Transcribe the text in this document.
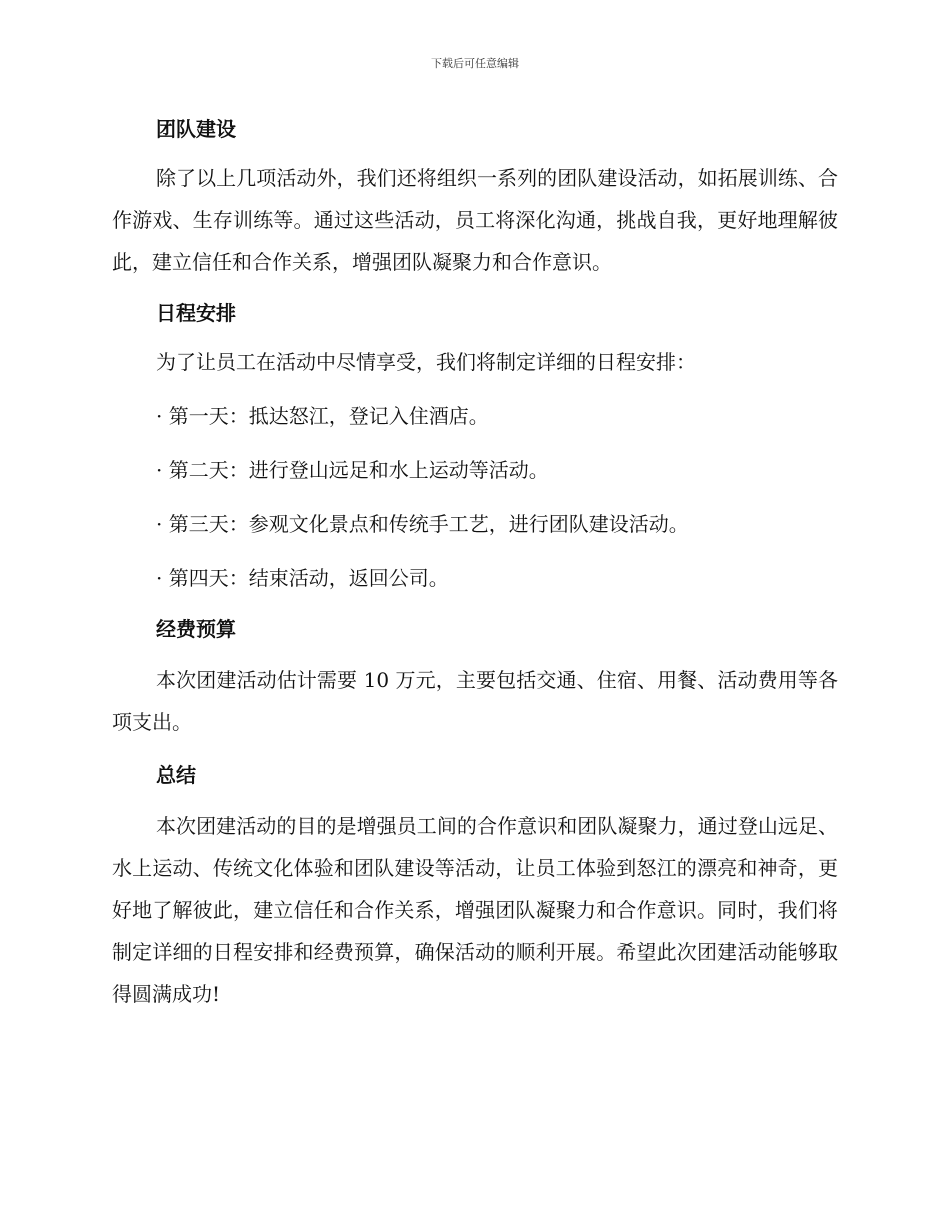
下载后可任意编辑
团队建设

除了以上几项活动外，我们还将组织一系列的团队建设活动，如拓展训练、合作游戏、生存训练等。通过这些活动，员工将深化沟通，挑战自我，更好地理解彼此，建立信任和合作关系，增强团队凝聚力和合作意识。

日程安排

为了让员工在活动中尽情享受，我们将制定详细的日程安排：

· 第一天：抵达怒江，登记入住酒店。
· 第二天：进行登山远足和水上运动等活动。
· 第三天：参观文化景点和传统手工艺，进行团队建设活动。
· 第四天：结束活动，返回公司。
经费预算

本次团建活动估计需要 10 万元，主要包括交通、住宿、用餐、活动费用等各项支出。

总结

本次团建活动的目的是增强员工间的合作意识和团队凝聚力，通过登山远足、水上运动、传统文化体验和团队建设等活动，让员工体验到怒江的漂亮和神奇，更好地了解彼此，建立信任和合作关系，增强团队凝聚力和合作意识。同时，我们将制定详细的日程安排和经费预算，确保活动的顺利开展。希望此次团建活动能够取得圆满成功!
